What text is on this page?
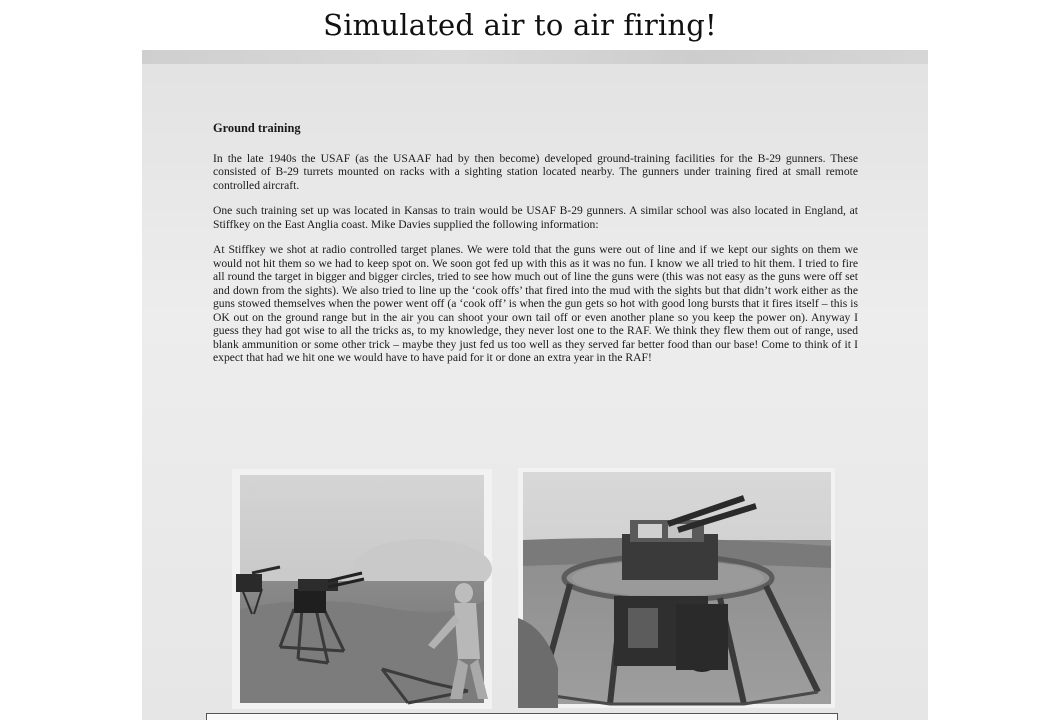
Simulated air to air firing!
Ground training

In the late 1940s the USAF (as the USAAF had by then become) developed ground-training facilities for the B-29 gunners. These consisted of B-29 turrets mounted on racks with a sighting station located nearby. The gunners under training fired at small remote controlled aircraft.

One such training set up was located in Kansas to train would be USAF B-29 gunners. A similar school was also located in England, at Stiffkey on the East Anglia coast. Mike Davies supplied the following information:

At Stiffkey we shot at radio controlled target planes. We were told that the guns were out of line and if we kept our sights on them we would not hit them so we had to keep spot on. We soon got fed up with this as it was no fun. I know we all tried to hit them. I tried to fire all round the target in bigger and bigger circles, tried to see how much out of line the guns were (this was not easy as the guns were off set and down from the sights). We also tried to line up the ‘cook offs’ that fired into the mud with the sights but that didn’t work either as the guns stowed themselves when the power went off (a ‘cook off’ is when the gun gets so hot with good long bursts that it fires itself – this is OK out on the ground range but in the air you can shoot your own tail off or even another plane so you keep the power on). Anyway I guess they had got wise to all the tricks as, to my knowledge, they never lost one to the RAF. We think they flew them out of range, used blank ammunition or some other trick – maybe they just fed us too well as they served far better food than our base! Come to think of it I expect that had we hit one we would have to have paid for it or done an extra year in the RAF!
